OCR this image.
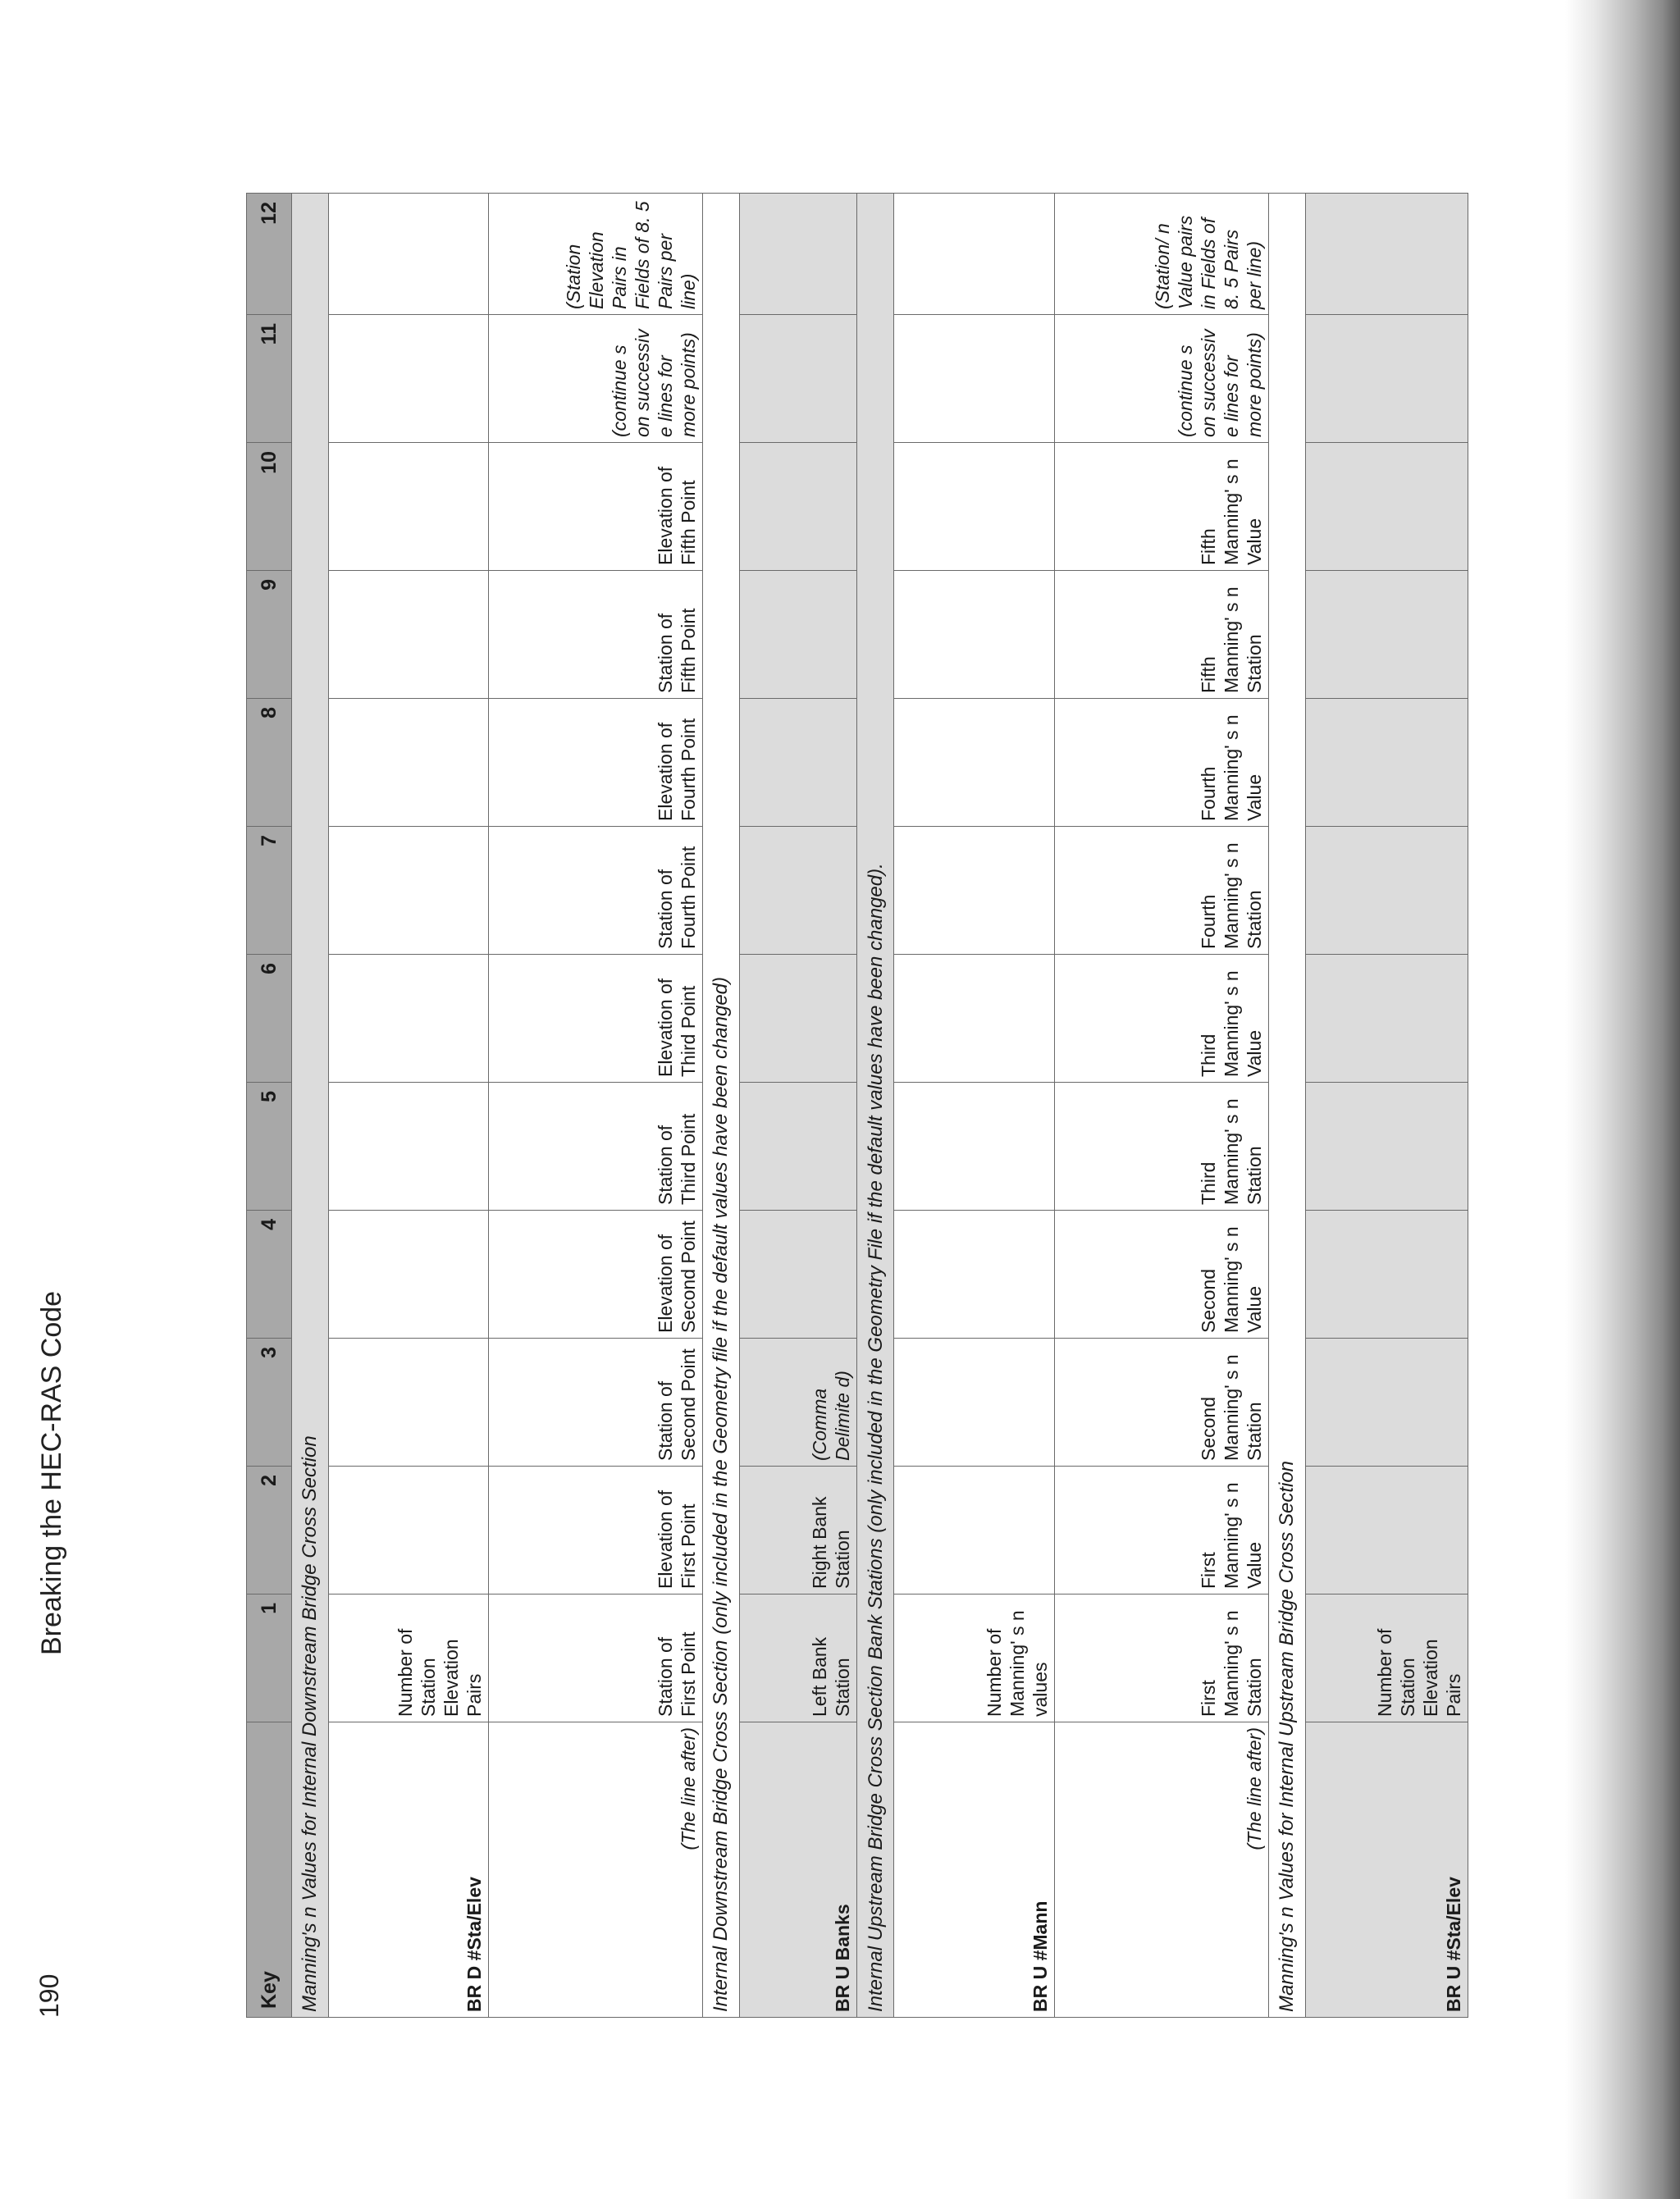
Breaking the HEC-RAS Code
190	Key	1	2	3	4	5	6	7	8	9	10	11	12
Manning's n Values for Internal Downstream Bridge Cross Section												
BR D #Sta/Elev	Number of Station Elevation Pairs											
(The line after)	Station of First Point	Elevation of First Point	Station of Second Point	Elevation of Second Point	Station of Third Point	Elevation of Third Point	Station of Fourth Point	Elevation of Fourth Point	Station of Fifth Point	Elevation of Fifth Point	(continue s on successiv e lines for more points)	(Station Elevation Pairs in Fields of 8. 5 Pairs per line)
Internal Downstream Bridge Cross Section (only included in the Geometry file if the default values have been changed)												
BR U Banks	Left Bank Station	Right Bank Station	(Comma Delimite d)									
Internal Upstream Bridge Cross Section Bank Stations (only included in the Geometry File if the default values have been changed).												
BR U #Mann	Number of Manning' s n values											
(The line after)	First Manning' s n Station	First Manning' s n Value	Second Manning' s n Station	Second Manning' s n Value	Third Manning' s n Station	Third Manning' s n Value	Fourth Manning' s n Station	Fourth Manning' s n Value	Fifth Manning' s n Station	Fifth Manning' s n Value	(continue s on successiv e lines for more points)	(Station/ n Value pairs in Fields of 8. 5 Pairs per line)
Manning's n Values for Internal Upstream Bridge Cross Section												
BR U #Sta/Elev	Number of Station Elevation Pairs											
